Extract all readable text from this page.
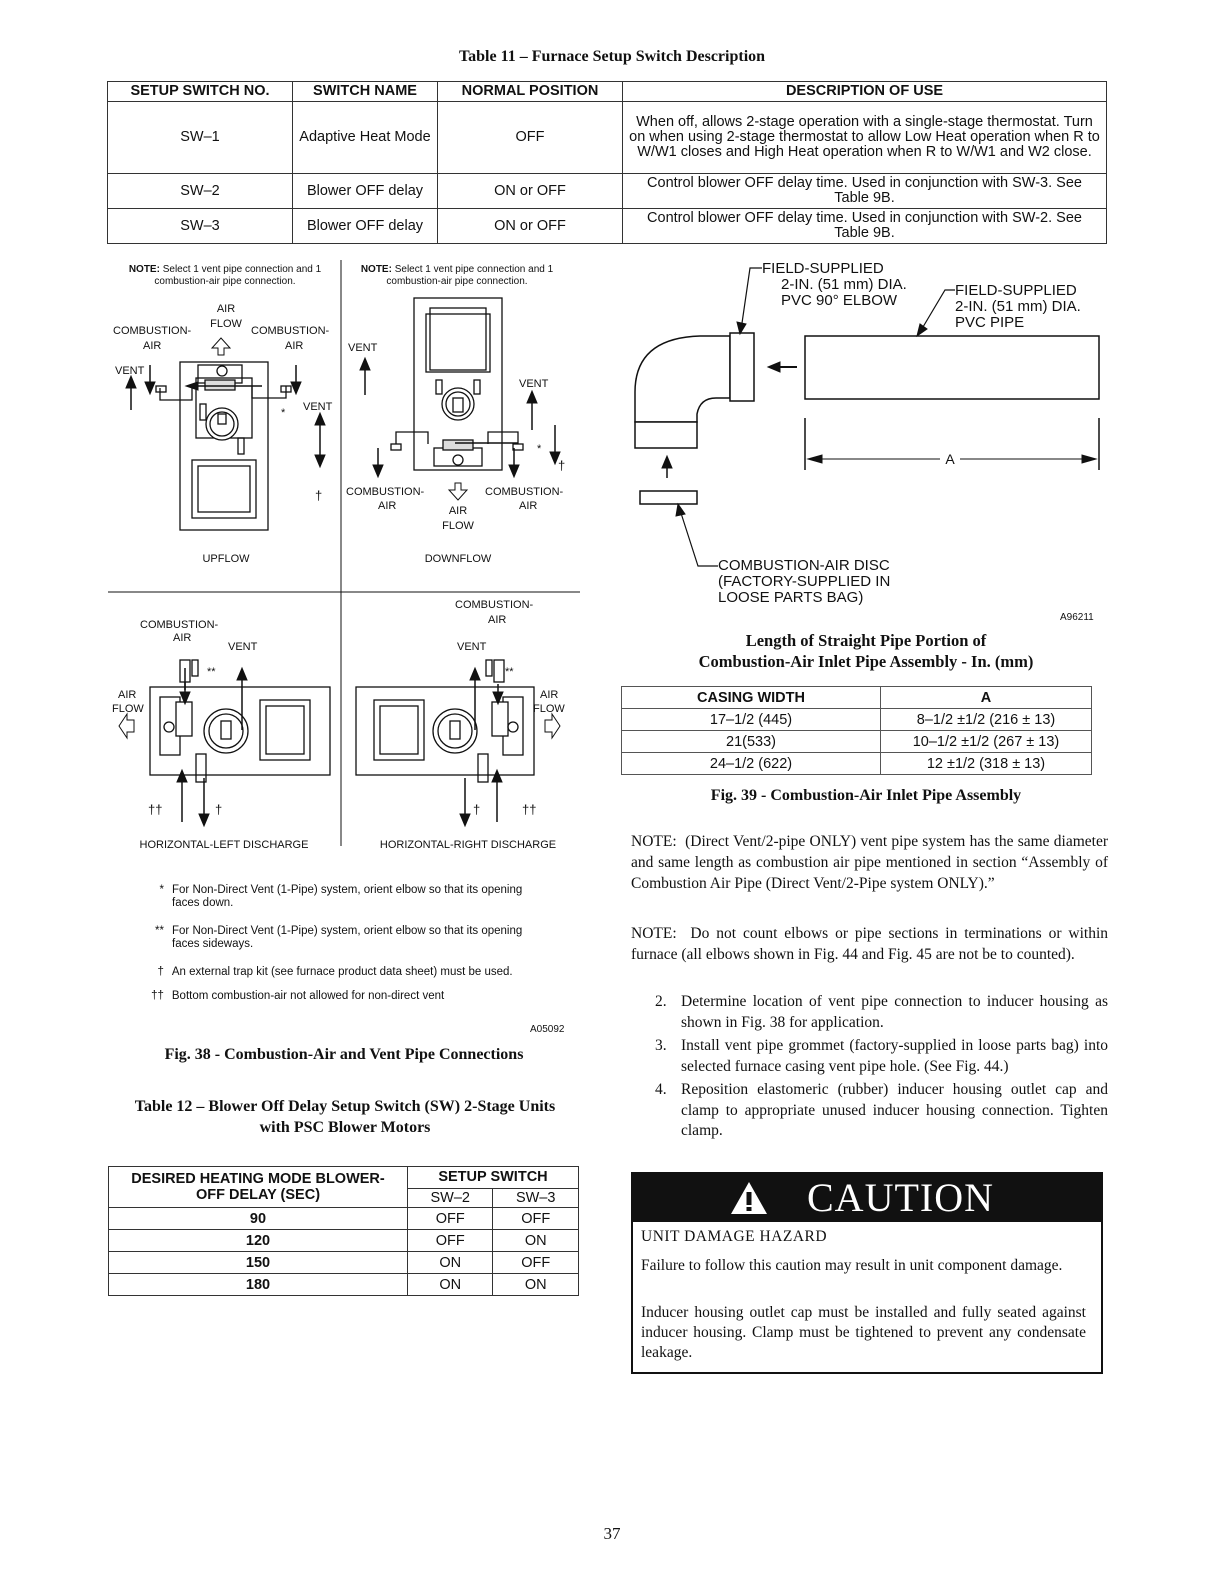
Table 11 – Furnace Setup Switch Description
SETUP SWITCH NO.	SWITCH NAME	NORMAL POSITION	DESCRIPTION OF USE
SW–1	Adaptive Heat Mode	OFF	When off, allows 2-stage operation with a single-stage thermostat. Turn on when using 2-stage thermostat to allow Low Heat operation when R to W/W1 closes and High Heat operation when R to W/W1 and W2 close.
SW–2	Blower OFF delay	ON or OFF	Control blower OFF delay time. Used in conjunction with SW-3. See Table 9B.
SW–3	Blower OFF delay	ON or OFF	Control blower OFF delay time. Used in conjunction with SW-2. See Table 9B.
AIR
FLOW
COMBUSTION-
AIR
COMBUSTION-
AIR
VENT
VENT
*
†
UPFLOW
VENT
VENT
*
†
COMBUSTION-
AIR
COMBUSTION-
AIR
AIR
FLOW
DOWNFLOW
COMBUSTION-
AIR
VENT
**
AIR
FLOW
††	†
HORIZONTAL-LEFT DISCHARGE
COMBUSTION-
AIR
VENT
**
AIR
FLOW
†	††
HORIZONTAL-RIGHT DISCHARGE
FIELD-SUPPLIED
2-IN. (51 mm) DIA.
PVC 90° ELBOW
FIELD-SUPPLIED
2-IN. (51 mm) DIA.
PVC PIPE
A
COMBUSTION-AIR DISC
(FACTORY-SUPPLIED IN
LOOSE PARTS BAG)
NOTE: Select 1 vent pipe connection and 1 combustion-air pipe connection.
NOTE: Select 1 vent pipe connection and 1 combustion-air pipe connection.
* For Non-Direct Vent (1-Pipe) system, orient elbow so that its opening faces down.
** For Non-Direct Vent (1-Pipe) system, orient elbow so that its opening faces sideways.
† An external trap kit (see furnace product data sheet) must be used.
†† Bottom combustion-air not allowed for non-direct vent
A05092
Fig. 38 - Combustion-Air and Vent Pipe Connections
A96211
Length of Straight Pipe Portion of
Combustion-Air Inlet Pipe Assembly - In. (mm)
CASING WIDTH	A
17–1/2 (445)	8–1/2 ±1/2 (216 ± 13)
21(533)	10–1/2 ±1/2 (267 ± 13)
24–1/2 (622)	12 ±1/2 (318 ± 13)
Fig. 39 - Combustion-Air Inlet Pipe Assembly
Table 12 – Blower Off Delay Setup Switch (SW) 2-Stage Units
with PSC Blower Motors
DESIRED HEATING MODE BLOWER-OFF DELAY (SEC)	SETUP SWITCH	
	SW–2	SW–3
90	OFF	OFF
120	OFF	ON
150	ON	OFF
180	ON	ON
NOTE: (Direct Vent/2-pipe ONLY) vent pipe system has the same diameter and same length as combustion air pipe mentioned in section “Assembly of Combustion Air Pipe (Direct Vent/2-Pipe system ONLY).”
NOTE: Do not count elbows or pipe sections in terminations or within furnace (all elbows shown in Fig. 44 and Fig. 45 are not be to counted).
2. Determine location of vent pipe connection to inducer housing as shown in Fig. 38 for application.
3. Install vent pipe grommet (factory-supplied in loose parts bag) into selected furnace casing vent pipe hole. (See Fig. 44.)
4. Reposition elastomeric (rubber) inducer housing outlet cap and clamp to appropriate unused inducer housing connection. Tighten clamp.
CAUTION
UNIT DAMAGE HAZARD
Failure to follow this caution may result in unit component damage.
Inducer housing outlet cap must be installed and fully seated against inducer housing. Clamp must be tightened to prevent any condensate leakage.
37
